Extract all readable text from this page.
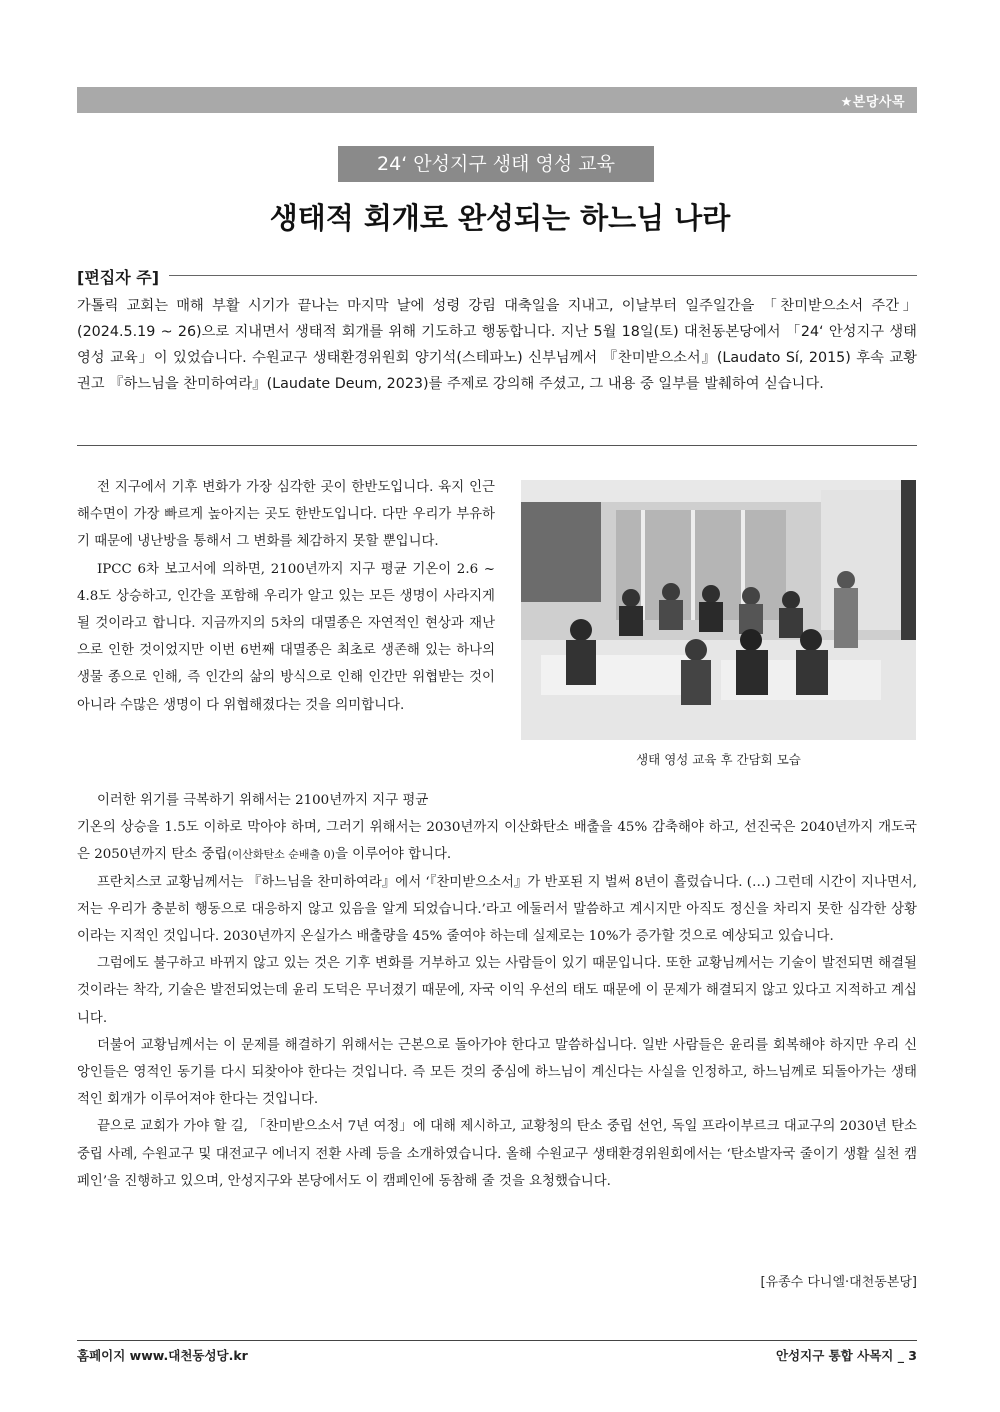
★본당사목
24‘ 안성지구 생태 영성 교육
생태적 회개로 완성되는 하느님 나라
[편집자 주]
가톨릭 교회는 매해 부활 시기가 끝나는 마지막 날에 성령 강림 대축일을 지내고, 이날부터 일주일간을 「찬미받으소서 주간」(2024.5.19 ~ 26)으로 지내면서 생태적 회개를 위해 기도하고 행동합니다. 지난 5월 18일(토) 대천동본당에서 「24‘ 안성지구 생태 영성 교육」이 있었습니다. 수원교구 생태환경위원회 양기석(스테파노) 신부님께서 『찬미받으소서』(Laudato Sí, 2015) 후속 교황 권고 『하느님을 찬미하여라』(Laudate Deum, 2023)를 주제로 강의해 주셨고, 그 내용 중 일부를 발췌하여 싣습니다.

전 지구에서 기후 변화가 가장 심각한 곳이 한반도입니다. 육지 인근 해수면이 가장 빠르게 높아지는 곳도 한반도입니다. 다만 우리가 부유하기 때문에 냉난방을 통해서 그 변화를 체감하지 못할 뿐입니다.

IPCC 6차 보고서에 의하면, 2100년까지 지구 평균 기온이 2.6 ~ 4.8도 상승하고, 인간을 포함해 우리가 알고 있는 모든 생명이 사라지게 될 것이라고 합니다. 지금까지의 5차의 대멸종은 자연적인 현상과 재난으로 인한 것이었지만 이번 6번째 대멸종은 최초로 생존해 있는 하나의 생물 종으로 인해, 즉 인간의 삶의 방식으로 인해 인간만 위협받는 것이 아니라 수많은 생명이 다 위협해졌다는 것을 의미합니다.

생태 영성 교육 후 간담회 모습

이러한 위기를 극복하기 위해서는 2100년까지 지구 평균

기온의 상승을 1.5도 이하로 막아야 하며, 그러기 위해서는 2030년까지 이산화탄소 배출을 45% 감축해야 하고, 선진국은 2040년까지 개도국은 2050년까지 탄소 중립(이산화탄소 순배출 0)을 이루어야 합니다.

프란치스코 교황님께서는 『하느님을 찬미하여라』에서 ‘『찬미받으소서』가 반포된 지 벌써 8년이 흘렀습니다. (…) 그런데 시간이 지나면서, 저는 우리가 충분히 행동으로 대응하지 않고 있음을 알게 되었습니다.’라고 에둘러서 말씀하고 계시지만 아직도 정신을 차리지 못한 심각한 상황이라는 지적인 것입니다. 2030년까지 온실가스 배출량을 45% 줄여야 하는데 실제로는 10%가 증가할 것으로 예상되고 있습니다.

그럼에도 불구하고 바뀌지 않고 있는 것은 기후 변화를 거부하고 있는 사람들이 있기 때문입니다. 또한 교황님께서는 기술이 발전되면 해결될 것이라는 착각, 기술은 발전되었는데 윤리 도덕은 무너졌기 때문에, 자국 이익 우선의 태도 때문에 이 문제가 해결되지 않고 있다고 지적하고 계십니다.

더불어 교황님께서는 이 문제를 해결하기 위해서는 근본으로 돌아가야 한다고 말씀하십니다. 일반 사람들은 윤리를 회복해야 하지만 우리 신앙인들은 영적인 동기를 다시 되찾아야 한다는 것입니다. 즉 모든 것의 중심에 하느님이 계신다는 사실을 인정하고, 하느님께로 되돌아가는 생태적인 회개가 이루어져야 한다는 것입니다.

끝으로 교회가 가야 할 길, 「찬미받으소서 7년 여정」에 대해 제시하고, 교황청의 탄소 중립 선언, 독일 프라이부르크 대교구의 2030년 탄소 중립 사례, 수원교구 및 대전교구 에너지 전환 사례 등을 소개하였습니다. 올해 수원교구 생태환경위원회에서는 ‘탄소발자국 줄이기 생활 실천 캠페인’을 진행하고 있으며, 안성지구와 본당에서도 이 캠페인에 동참해 줄 것을 요청했습니다.

[유종수 다니엘·대천동본당]
홈페이지 www.대천동성당.kr	안성지구 통합 사목지 _ 3
